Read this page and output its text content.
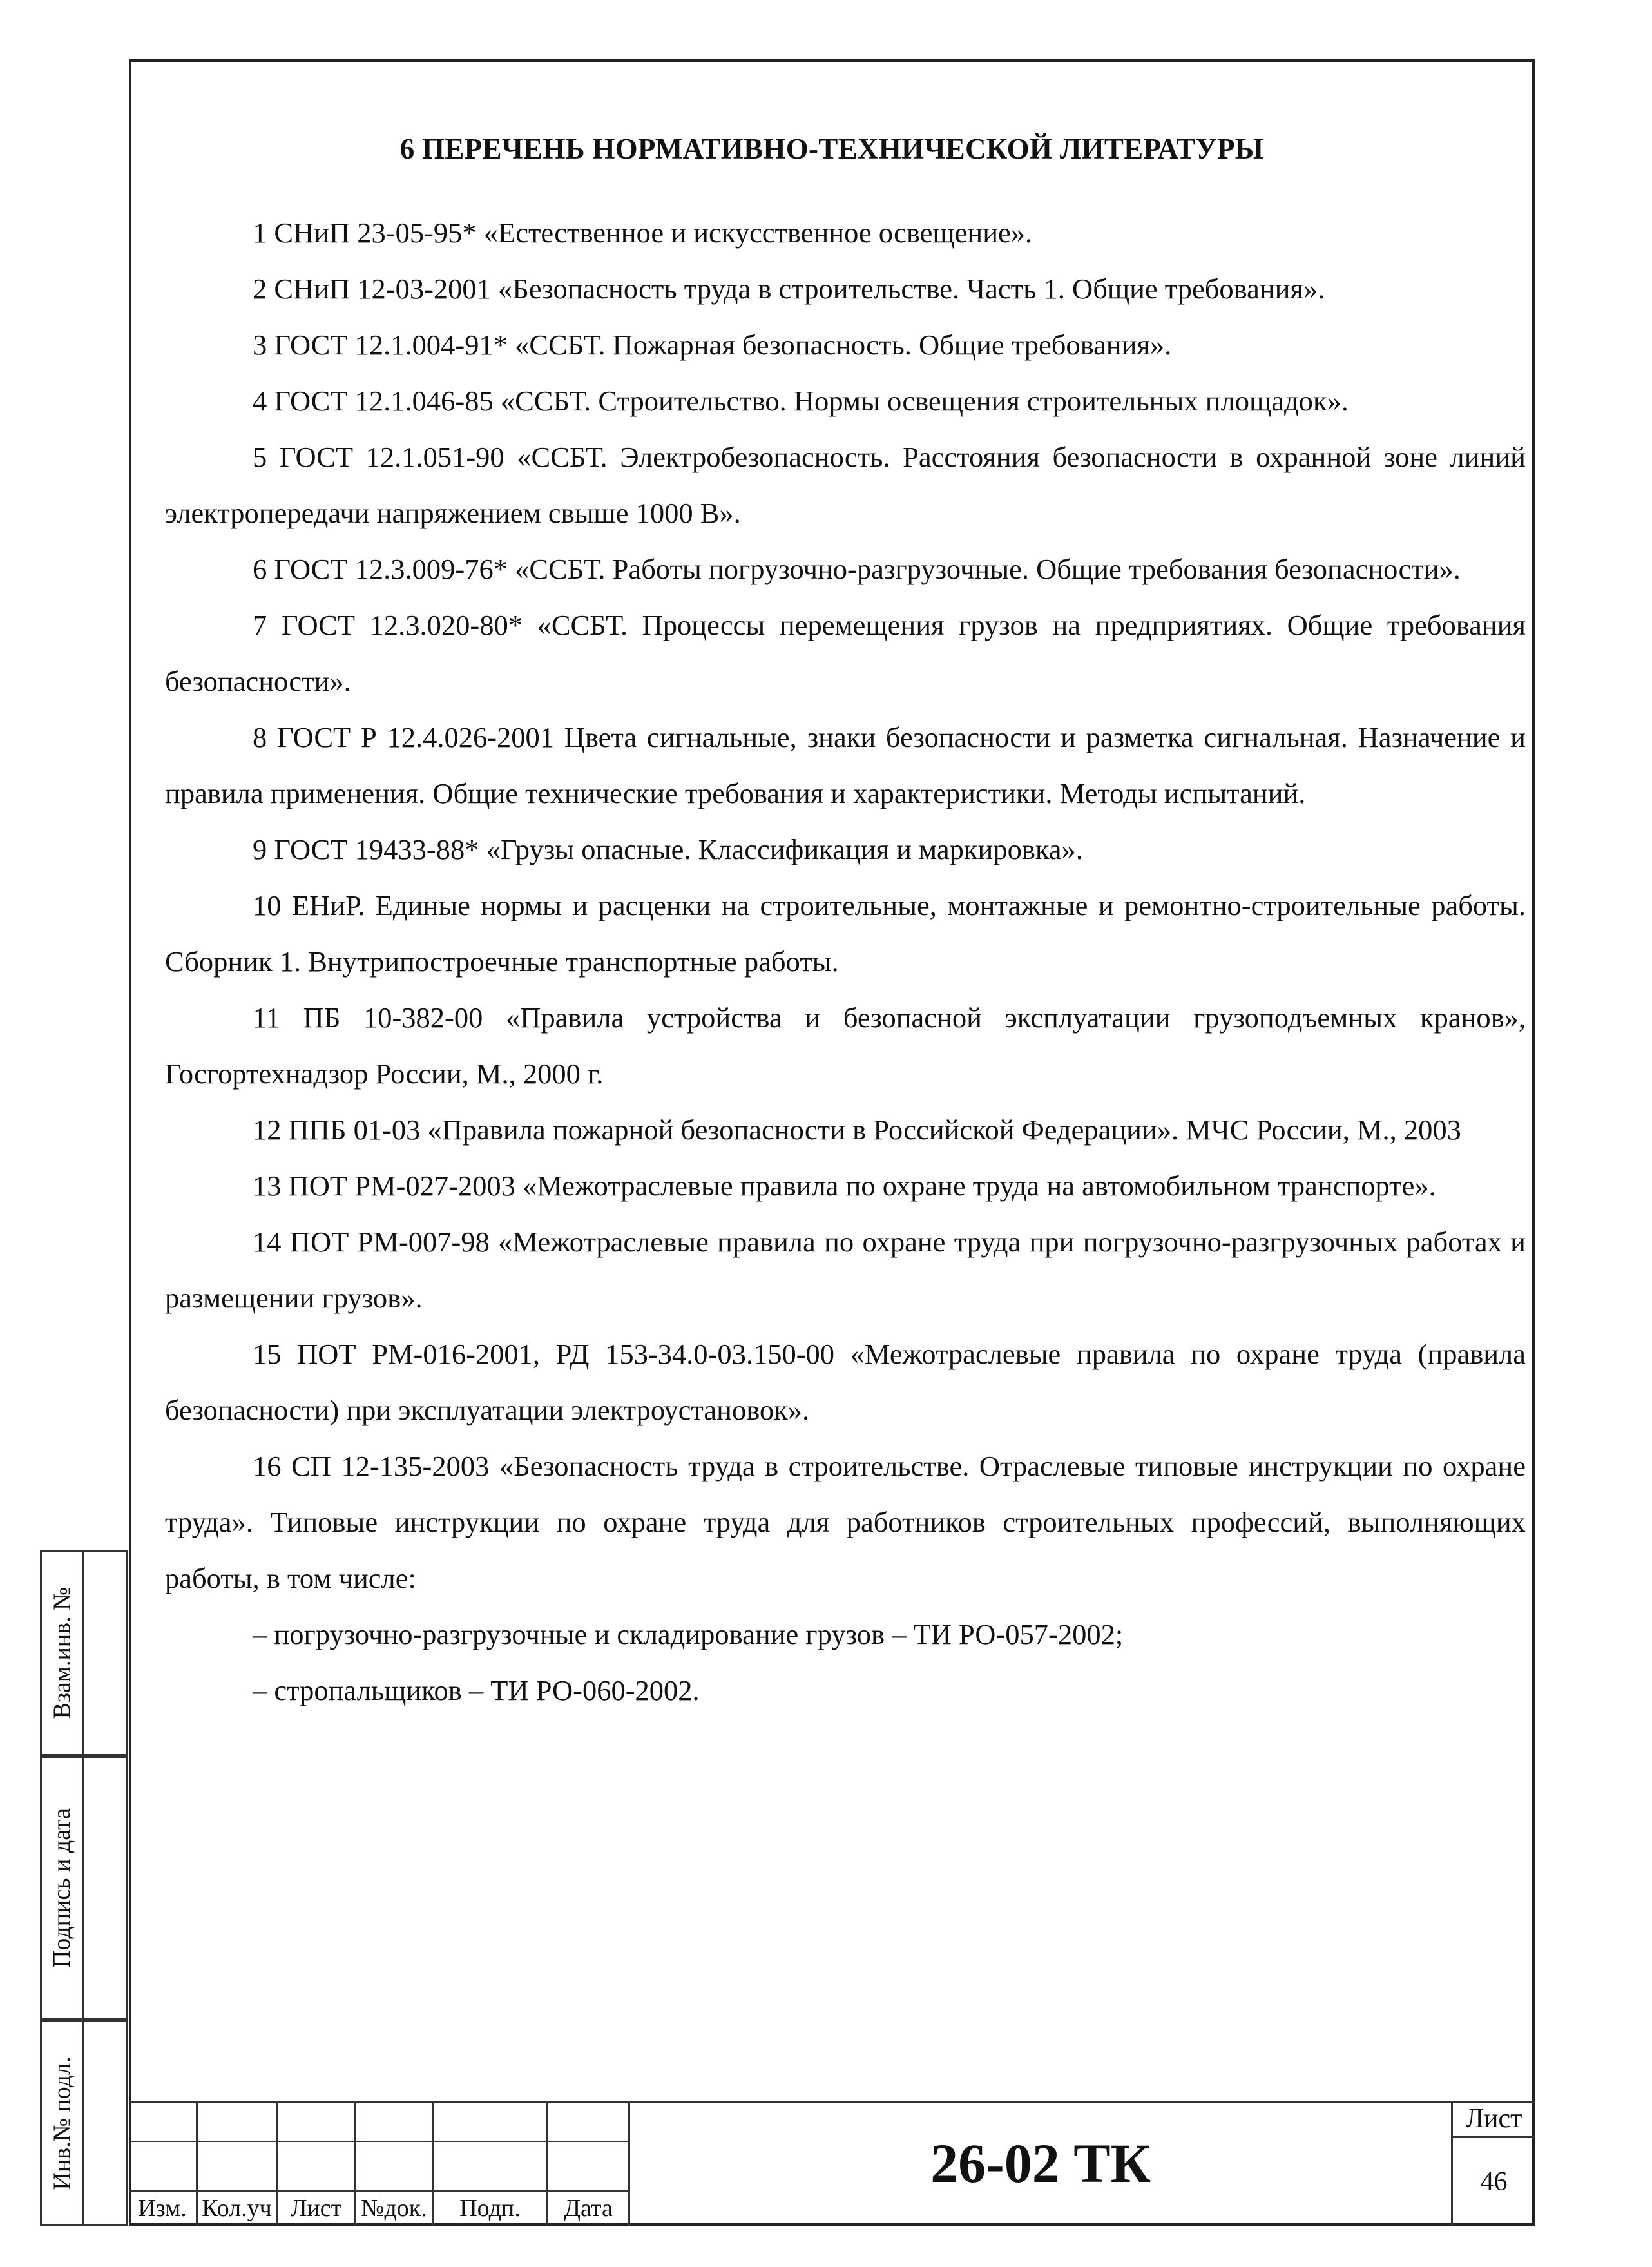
Взам.инв. №
Подпись и дата
Инв.№ подл.
6 ПЕРЕЧЕНЬ НОРМАТИВНО-ТЕХНИЧЕСКОЙ ЛИТЕРАТУРЫ

1 СНиП 23-05-95* «Естественное и искусственное освещение».

2 СНиП 12-03-2001 «Безопасность труда в строительстве. Часть 1. Общие требования».

3 ГОСТ 12.1.004-91* «ССБТ. Пожарная безопасность. Общие требования».

4 ГОСТ 12.1.046-85 «ССБТ. Строительство. Нормы освещения строительных площадок».

5 ГОСТ 12.1.051-90 «ССБТ. Электробезопасность. Расстояния безопасности в охранной зоне линий электропередачи напряжением свыше 1000 В».

6 ГОСТ 12.3.009-76* «ССБТ. Работы погрузочно-разгрузочные. Общие требования безопасности».

7 ГОСТ 12.3.020-80* «ССБТ. Процессы перемещения грузов на предприятиях. Общие требования безопасности».

8 ГОСТ Р 12.4.026-2001 Цвета сигнальные, знаки безопасности и разметка сигнальная. Назначение и правила применения. Общие технические требования и характеристики. Методы испытаний.

9 ГОСТ 19433-88* «Грузы опасные. Классификация и маркировка».

10 ЕНиР. Единые нормы и расценки на строительные, монтажные и ремонтно-строительные работы. Сборник 1. Внутрипостроечные транспортные работы.

11 ПБ 10-382-00 «Правила устройства и безопасной эксплуатации грузоподъемных кранов», Госгортехнадзор России, М., 2000 г.

12 ППБ 01-03 «Правила пожарной безопасности в Российской Федерации». МЧС России, М., 2003

13 ПОТ РМ-027-2003 «Межотраслевые правила по охране труда на автомобильном транспорте».

14 ПОТ РМ-007-98 «Межотраслевые правила по охране труда при погрузочно-разгрузочных работах и размещении грузов».

15 ПОТ РМ-016-2001, РД 153-34.0-03.150-00 «Межотраслевые правила по охране труда (правила безопасности) при эксплуатации электроустановок».

16 СП 12-135-2003 «Безопасность труда в строительстве. Отраслевые типовые инструкции по охране труда». Типовые инструкции по охране труда для работников строительных профессий, выполняющих работы, в том числе:

– погрузочно-разгрузочные и складирование грузов – ТИ РО-057-2002;

– стропальщиков – ТИ РО-060-2002.

Изм. Кол.уч Лист №док.	Подп.	Дата
26-02 ТК
Лист
46
